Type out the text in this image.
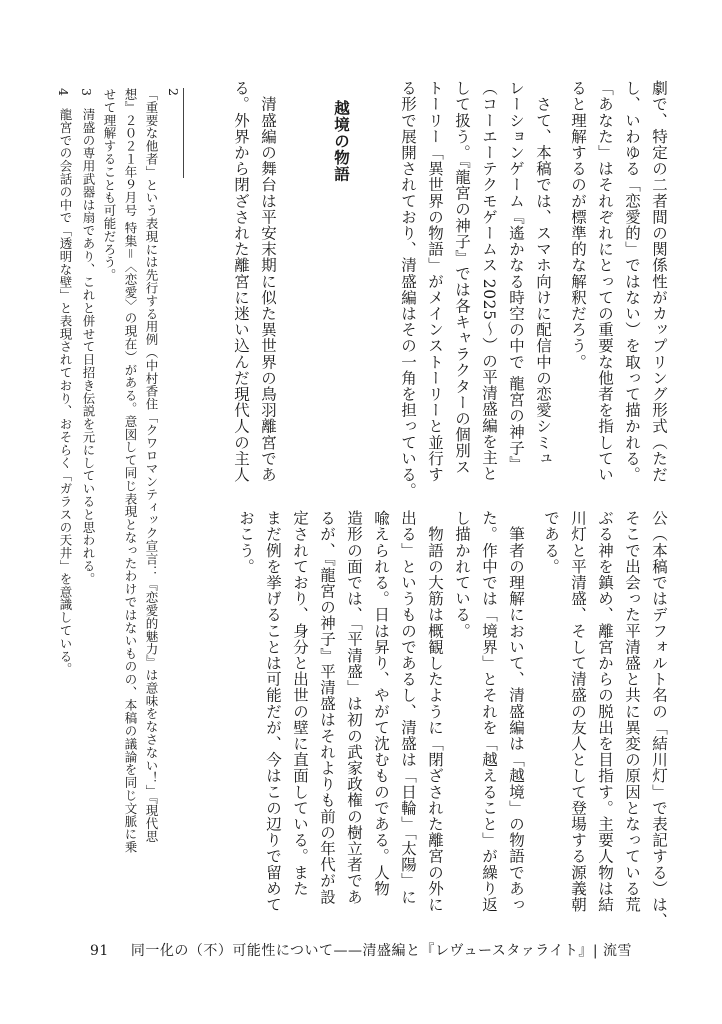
劇で、特定の二者間の関係性がカップリング形式（ただ

し、いわゆる「恋愛的」ではない）を取って描かれる。

「あなた」はそれぞれにとっての重要な他者を指してい

ると理解するのが標準的な解釈だろう。

　さて、本稿では、スマホ向けに配信中の恋愛シミュ

レーションゲーム『遙かなる時空の中で 龍宮の神子』

（コーエーテクモゲームス 2025〜）の平清盛編を主と

して扱う。『龍宮の神子』では各キャラクターの個別ス

トーリー「異世界の物語」がメインストーリーと並行す

る形で展開されており、清盛編はその一角を担っている。

越境の物語

　清盛編の舞台は平安末期に似た異世界の鳥羽離宮であ

る。外界から閉ざされた離宮に迷い込んだ現代人の主人

公（本稿ではデフォルト名の「結川灯」で表記する）は、

そこで出会った平清盛と共に異変の原因となっている荒

ぶる神を鎮め、離宮からの脱出を目指す。主要人物は結

川灯と平清盛、そして清盛の友人として登場する源義朝

である。

　筆者の理解において、清盛編は「越境」の物語であっ

た。作中では「境界」とそれを「越えること」が繰り返

し描かれている。

　物語の大筋は概観したように「閉ざされた離宮の外に

出る」というものであるし、清盛は「日輪」「太陽」に

喩えられる。日は昇り、やがて沈むものである。人物

造形の面では、「平清盛」は初の武家政権の樹立者であ

るが、『龍宮の神子』平清盛はそれよりも前の年代が設

定されており、身分と出世の壁に直面している。また

まだ例を挙げることは可能だが、今はこの辺りで留めて

おこう。

2

「重要な他者」という表現には先行する用例（中村香住「クワロマンティック宣言：『恋愛的魅力』は意味をなさない！」『現代思

想』２０２１年９月号 特集＝〈恋愛〉の現在）がある。意図して同じ表現となったわけではないものの、本稿の議論を同じ文脈に乗

せて理解することも可能だろう。

3

清盛の専用武器は扇であり、これと併せて日招き伝説を元にしていると思われる。

4

龍宮での会話の中で「透明な壁」と表現されており、おそらく「ガラスの天井」を意識している。

91 同一化の（不）可能性について——清盛編と『レヴュースタァライト』| 流雪
